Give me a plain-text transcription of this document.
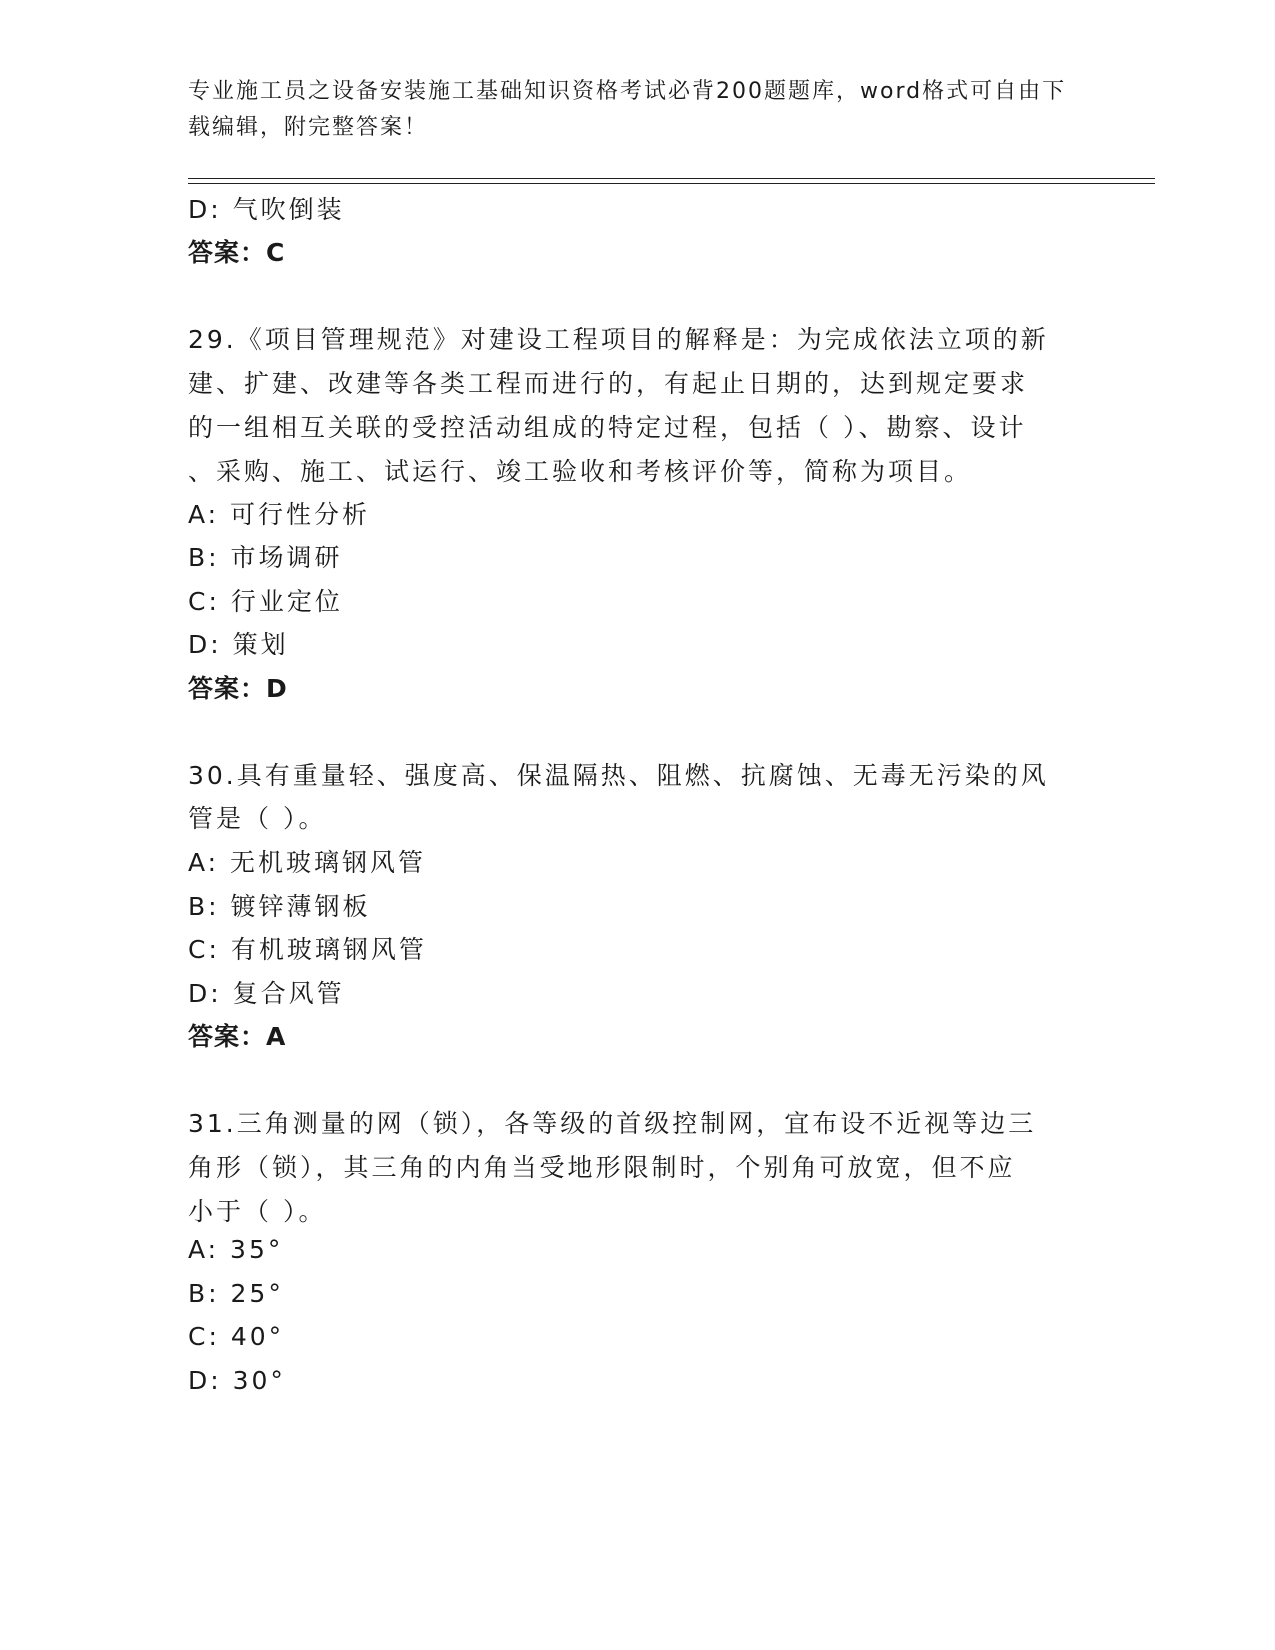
专业施工员之设备安装施工基础知识资格考试必背200题题库，word格式可自由下载编辑，附完整答案！
D: 气吹倒装
答案：C
29.《项目管理规范》对建设工程项目的解释是：为完成依法立项的新
建、扩建、改建等各类工程而进行的，有起止日期的，达到规定要求
的一组相互关联的受控活动组成的特定过程，包括（ ）、勘察、设计
、采购、施工、试运行、竣工验收和考核评价等，简称为项目。
A: 可行性分析
B: 市场调研
C: 行业定位
D: 策划
答案：D
30.具有重量轻、强度高、保温隔热、阻燃、抗腐蚀、无毒无污染的风
管是（ ）。
A: 无机玻璃钢风管
B: 镀锌薄钢板
C: 有机玻璃钢风管
D: 复合风管
答案：A
31.三角测量的网（锁），各等级的首级控制网，宜布设不近视等边三
角形（锁），其三角的内角当受地形限制时，个别角可放宽，但不应
小于（ ）。
A: 35°
B: 25°
C: 40°
D: 30°
